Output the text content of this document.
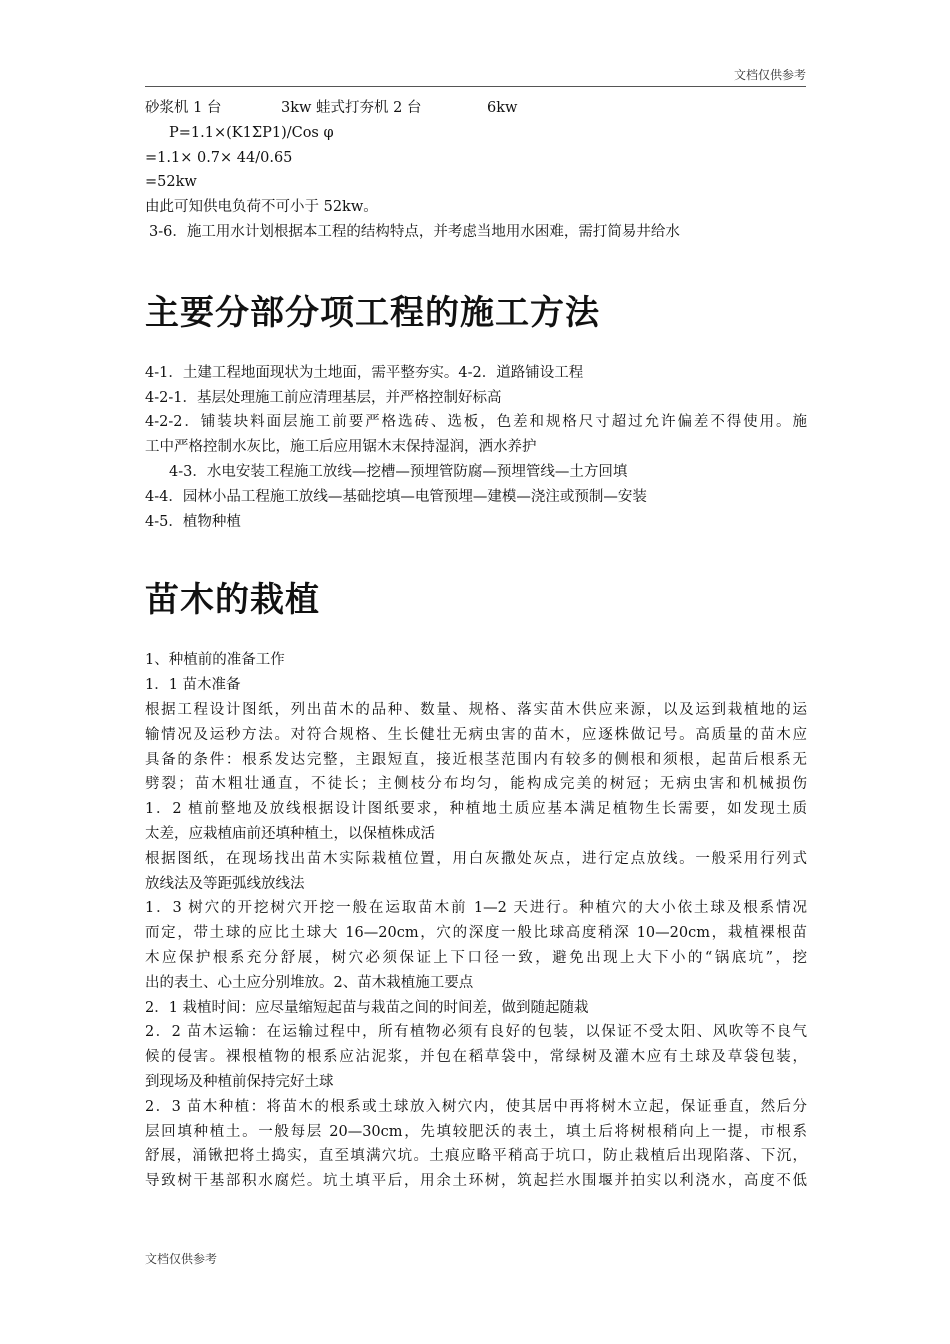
文档仅供参考
砂浆机 1 台	3kw 蛙式打夯机 2 台	6kw
P=1.1×(K1ΣP1)/Cos φ
=1.1× 0.7× 44/0.65
=52kw
由此可知供电负荷不可小于 52kw。
3-6．施工用水计划根据本工程的结构特点，并考虑当地用水困难，需打简易井给水
主要分部分项工程的施工方法
4-1．土建工程地面现状为土地面，需平整夯实。4-2．道路铺设工程
4-2-1．基层处理施工前应清理基层，并严格控制好标高
4-2-2．铺装块料面层施工前要严格选砖、选板，色差和规格尺寸超过允许偏差不得使用。施
工中严格控制水灰比，施工后应用锯木末保持湿润，洒水养护
4-3．水电安装工程施工放线—挖槽—预埋管防腐—预埋管线—土方回填
4-4．园林小品工程施工放线—基础挖填—电管预埋—建模—浇注或预制—安装
4-5．植物种植
苗木的栽植
1、种植前的准备工作
1．1 苗木准备
根据工程设计图纸，列出苗木的品种、数量、规格、落实苗木供应来源，以及运到栽植地的运
输情况及运秒方法。对符合规格、生长健壮无病虫害的苗木，应逐株做记号。高质量的苗木应
具备的条件：根系发达完整，主跟短直，接近根茎范围内有较多的侧根和须根，起苗后根系无
劈裂；苗木粗壮通直，不徒长；主侧枝分布均匀，能构成完美的树冠；无病虫害和机械损伤
1．2 植前整地及放线根据设计图纸要求，种植地土质应基本满足植物生长需要，如发现土质
太差，应栽植庙前还填种植土，以保植株成活
根据图纸，在现场找出苗木实际栽植位置，用白灰撒处灰点，进行定点放线。一般采用行列式
放线法及等距弧线放线法
1．3 树穴的开挖树穴开挖一般在运取苗木前 1—2 天进行。种植穴的大小依土球及根系情况
而定，带土球的应比土球大 16—20cm，穴的深度一般比球高度稍深 10—20cm，栽植裸根苗
木应保护根系充分舒展，树穴必须保证上下口径一致，避免出现上大下小的“锅底坑”，挖
出的表土、心土应分别堆放。2、苗木栽植施工要点
2．1 栽植时间：应尽量缩短起苗与栽苗之间的时间差，做到随起随栽
2．2 苗木运输：在运输过程中，所有植物必须有良好的包装，以保证不受太阳、风吹等不良气
候的侵害。裸根植物的根系应沾泥浆，并包在稻草袋中，常绿树及灌木应有土球及草袋包装，
到现场及种植前保持完好土球
2．3 苗木种植：将苗木的根系或土球放入树穴内，使其居中再将树木立起，保证垂直，然后分
层回填种植土。一般每层 20—30cm，先填较肥沃的表土，填土后将树根稍向上一提，市根系
舒展，涌锹把将土捣实，直至填满穴坑。土痕应略平稍高于坑口，防止栽植后出现陷落、下沉，
导致树干基部积水腐烂。坑土填平后，用余土环树，筑起拦水围堰并拍实以利浇水，高度不低
文档仅供参考
